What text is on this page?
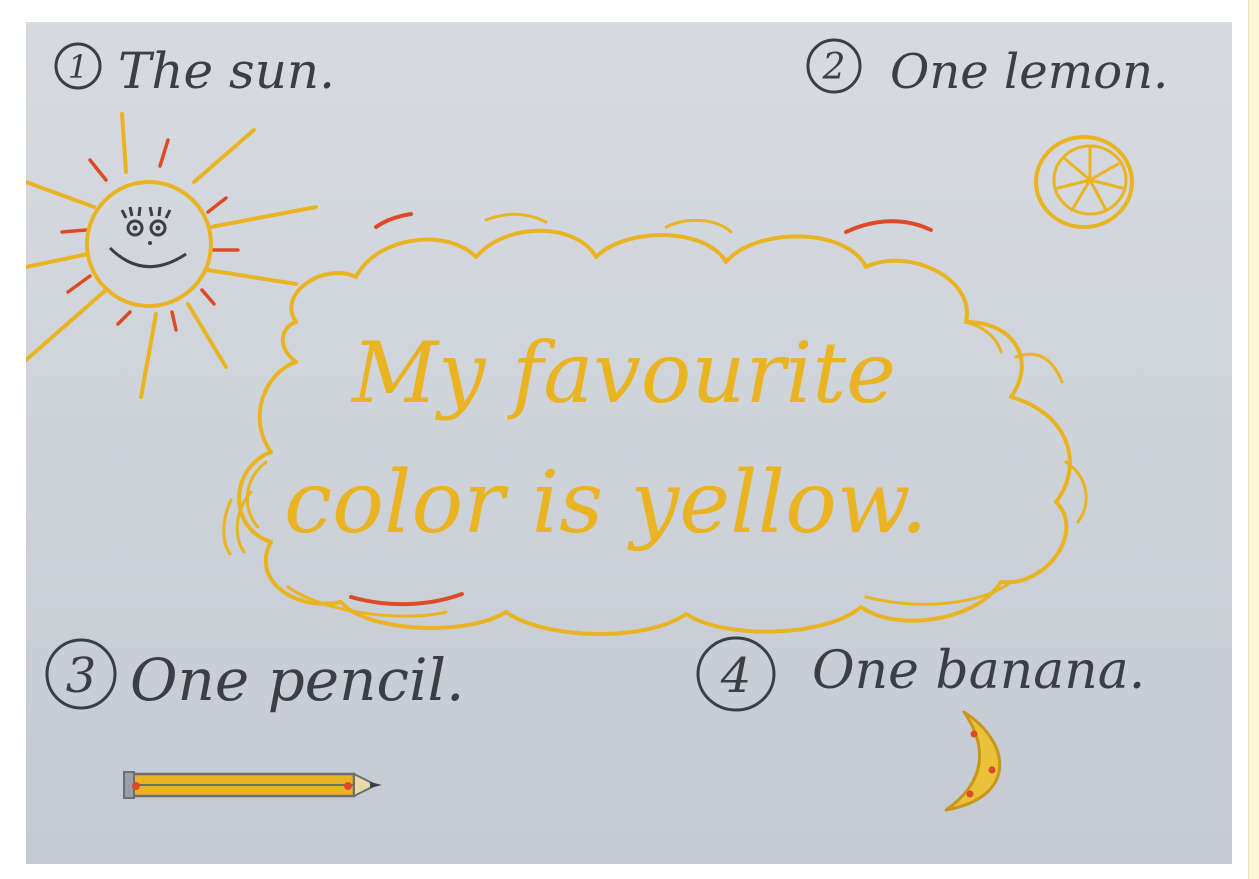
1 The sun.	2 One lemon.
My favourite
color is yellow.
3 One pencil.	4 One banana.
